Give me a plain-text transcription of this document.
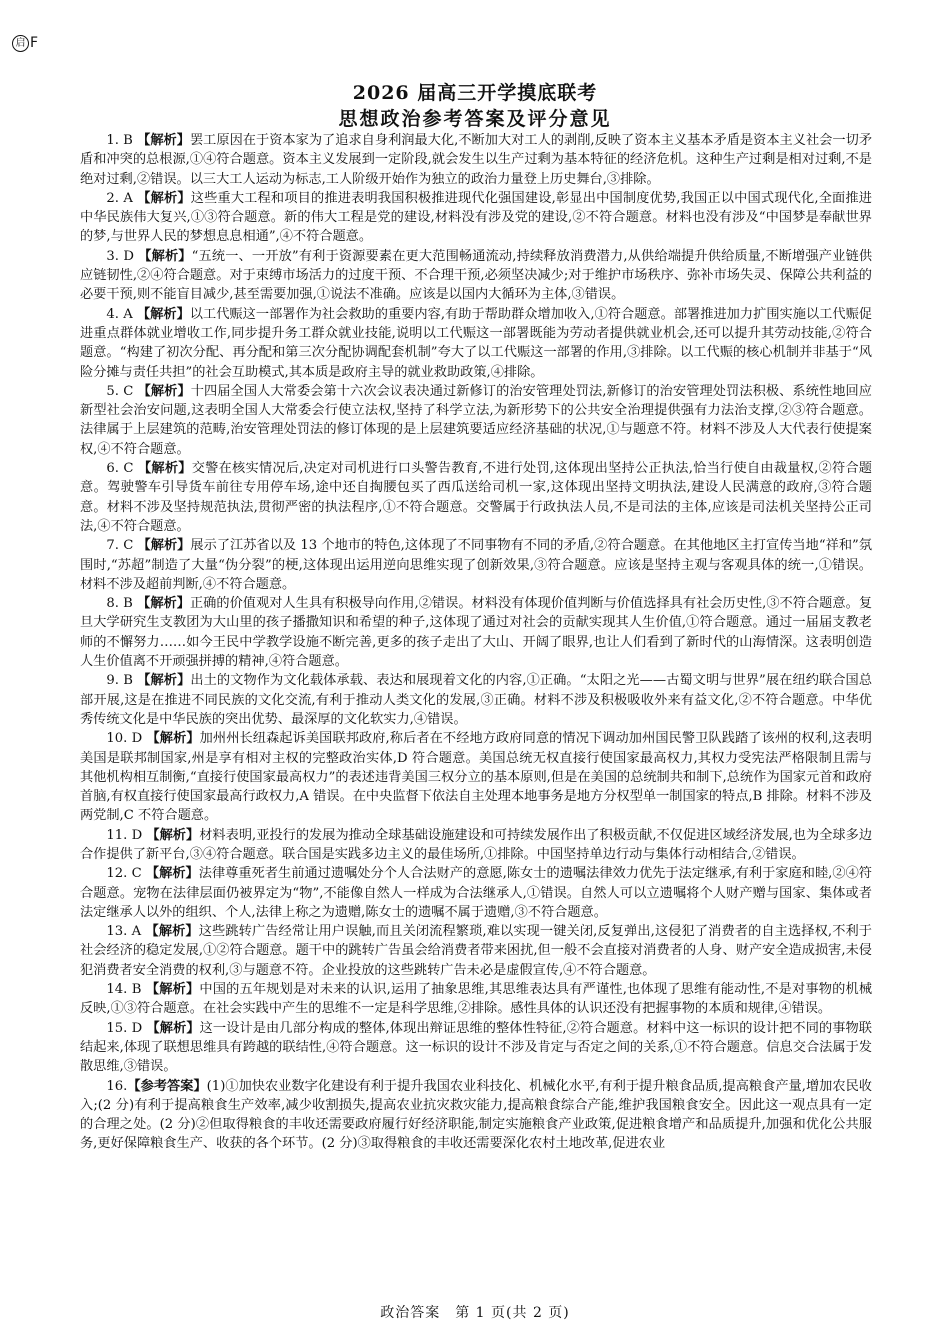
启 F
2026 届高三开学摸底联考
思想政治参考答案及评分意见

1. B 【解析】罢工原因在于资本家为了追求自身利润最大化,不断加大对工人的剥削,反映了资本主义基本矛盾是资本主义社会一切矛盾和冲突的总根源,①④符合题意。资本主义发展到一定阶段,就会发生以生产过剩为基本特征的经济危机。这种生产过剩是相对过剩,不是绝对过剩,②错误。以三大工人运动为标志,工人阶级开始作为独立的政治力量登上历史舞台,③排除。

2. A 【解析】这些重大工程和项目的推进表明我国积极推进现代化强国建设,彰显出中国制度优势,我国正以中国式现代化,全面推进中华民族伟大复兴,①③符合题意。新的伟大工程是党的建设,材料没有涉及党的建设,②不符合题意。材料也没有涉及“中国梦是奉献世界的梦,与世界人民的梦想息息相通”,④不符合题意。

3. D 【解析】“五统一、一开放”有利于资源要素在更大范围畅通流动,持续释放消费潜力,从供给端提升供给质量,不断增强产业链供应链韧性,②④符合题意。对于束缚市场活力的过度干预、不合理干预,必须坚决减少;对于维护市场秩序、弥补市场失灵、保障公共利益的必要干预,则不能盲目减少,甚至需要加强,①说法不准确。应该是以国内大循环为主体,③错误。

4. A 【解析】以工代赈这一部署作为社会救助的重要内容,有助于帮助群众增加收入,①符合题意。部署推进加力扩围实施以工代赈促进重点群体就业增收工作,同步提升务工群众就业技能,说明以工代赈这一部署既能为劳动者提供就业机会,还可以提升其劳动技能,②符合题意。“构建了初次分配、再分配和第三次分配协调配套机制”夸大了以工代赈这一部署的作用,③排除。以工代赈的核心机制并非基于“风险分摊与责任共担”的社会互助模式,其本质是政府主导的就业救助政策,④排除。

5. C 【解析】十四届全国人大常委会第十六次会议表决通过新修订的治安管理处罚法,新修订的治安管理处罚法积极、系统性地回应新型社会治安问题,这表明全国人大常委会行使立法权,坚持了科学立法,为新形势下的公共安全治理提供强有力法治支撑,②③符合题意。法律属于上层建筑的范畴,治安管理处罚法的修订体现的是上层建筑要适应经济基础的状况,①与题意不符。材料不涉及人大代表行使提案权,④不符合题意。

6. C 【解析】交警在核实情况后,决定对司机进行口头警告教育,不进行处罚,这体现出坚持公正执法,恰当行使自由裁量权,②符合题意。驾驶警车引导货车前往专用停车场,途中还自掏腰包买了西瓜送给司机一家,这体现出坚持文明执法,建设人民满意的政府,③符合题意。材料不涉及坚持规范执法,贯彻严密的执法程序,①不符合题意。交警属于行政执法人员,不是司法的主体,应该是司法机关坚持公正司法,④不符合题意。

7. C 【解析】展示了江苏省以及 13 个地市的特色,这体现了不同事物有不同的矛盾,②符合题意。在其他地区主打宣传当地“祥和”氛围时,“苏超”制造了大量“伪分裂”的梗,这体现出运用逆向思维实现了创新效果,③符合题意。应该是坚持主观与客观具体的统一,①错误。材料不涉及超前判断,④不符合题意。

8. B 【解析】正确的价值观对人生具有积极导向作用,②错误。材料没有体现价值判断与价值选择具有社会历史性,③不符合题意。复旦大学研究生支教团为大山里的孩子播撒知识和希望的种子,这体现了通过对社会的贡献实现其人生价值,①符合题意。通过一届届支教老师的不懈努力……如今王民中学教学设施不断完善,更多的孩子走出了大山、开阔了眼界,也让人们看到了新时代的山海情深。这表明创造人生价值离不开顽强拼搏的精神,④符合题意。

9. B 【解析】出土的文物作为文化载体承载、表达和展现着文化的内容,①正确。“太阳之光——古蜀文明与世界”展在纽约联合国总部开展,这是在推进不同民族的文化交流,有利于推动人类文化的发展,③正确。材料不涉及积极吸收外来有益文化,②不符合题意。中华优秀传统文化是中华民族的突出优势、最深厚的文化软实力,④错误。

10. D 【解析】加州州长纽森起诉美国联邦政府,称后者在不经地方政府同意的情况下调动加州国民警卫队践踏了该州的权利,这表明美国是联邦制国家,州是享有相对主权的完整政治实体,D 符合题意。美国总统无权直接行使国家最高权力,其权力受宪法严格限制且需与其他机构相互制衡,“直接行使国家最高权力”的表述违背美国三权分立的基本原则,但是在美国的总统制共和制下,总统作为国家元首和政府首脑,有权直接行使国家最高行政权力,A 错误。在中央监督下依法自主处理本地事务是地方分权型单一制国家的特点,B 排除。材料不涉及两党制,C 不符合题意。

11. D 【解析】材料表明,亚投行的发展为推动全球基础设施建设和可持续发展作出了积极贡献,不仅促进区域经济发展,也为全球多边合作提供了新平台,③④符合题意。联合国是实践多边主义的最佳场所,①排除。中国坚持单边行动与集体行动相结合,②错误。

12. C 【解析】法律尊重死者生前通过遗嘱处分个人合法财产的意愿,陈女士的遗嘱法律效力优先于法定继承,有利于家庭和睦,②④符合题意。宠物在法律层面仍被界定为“物”,不能像自然人一样成为合法继承人,①错误。自然人可以立遗嘱将个人财产赠与国家、集体或者法定继承人以外的组织、个人,法律上称之为遗赠,陈女士的遗嘱不属于遗赠,③不符合题意。

13. A 【解析】这些跳转广告经常让用户误触,而且关闭流程繁琐,难以实现一键关闭,反复弹出,这侵犯了消费者的自主选择权,不利于社会经济的稳定发展,①②符合题意。题干中的跳转广告虽会给消费者带来困扰,但一般不会直接对消费者的人身、财产安全造成损害,未侵犯消费者安全消费的权利,③与题意不符。企业投放的这些跳转广告未必是虚假宣传,④不符合题意。

14. B 【解析】中国的五年规划是对未来的认识,运用了抽象思维,其思维表达具有严谨性,也体现了思维有能动性,不是对事物的机械反映,①③符合题意。在社会实践中产生的思维不一定是科学思维,②排除。感性具体的认识还没有把握事物的本质和规律,④错误。

15. D 【解析】这一设计是由几部分构成的整体,体现出辩证思维的整体性特征,②符合题意。材料中这一标识的设计把不同的事物联结起来,体现了联想思维具有跨越的联结性,④符合题意。这一标识的设计不涉及肯定与否定之间的关系,①不符合题意。信息交合法属于发散思维,③错误。

16.【参考答案】(1)①加快农业数字化建设有利于提升我国农业科技化、机械化水平,有利于提升粮食品质,提高粮食产量,增加农民收入;(2 分)有利于提高粮食生产效率,减少收割损失,提高农业抗灾救灾能力,提高粮食综合产能,维护我国粮食安全。因此这一观点具有一定的合理之处。(2 分)②但取得粮食的丰收还需要政府履行好经济职能,制定实施粮食产业政策,促进粮食增产和品质提升,加强和优化公共服务,更好保障粮食生产、收获的各个环节。(2 分)③取得粮食的丰收还需要深化农村土地改革,促进农业

政治答案　第 1 页(共 2 页)
